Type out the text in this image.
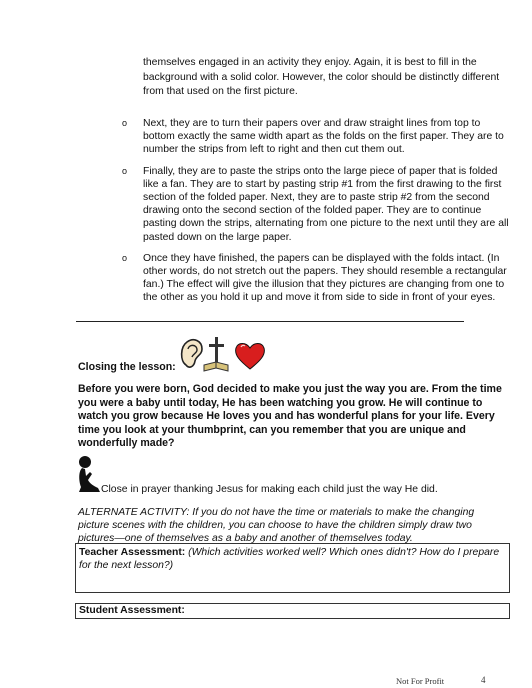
themselves engaged in an activity they enjoy. Again, it is best to fill in the background with a solid color. However, the color should be distinctly different from that used on the first picture.
o Next, they are to turn their papers over and draw straight lines from top to bottom exactly the same width apart as the folds on the first paper. They are to number the strips from left to right and then cut them out.
o Finally, they are to paste the strips onto the large piece of paper that is folded like a fan. They are to start by pasting strip #1 from the first drawing to the first section of the folded paper. Next, they are to paste strip #2 from the second drawing onto the second section of the folded paper. They are to continue pasting down the strips, alternating from one picture to the next until they are all pasted down on the large paper.
o Once they have finished, the papers can be displayed with the folds intact. (In other words, do not stretch out the papers. They should resemble a rectangular fan.) The effect will give the illusion that they pictures are changing from one to the other as you hold it up and move it from side to side in front of your eyes.
Closing the lesson:
Before you were born, God decided to make you just the way you are. From the time you were a baby until today, He has been watching you grow. He will continue to watch you grow because He loves you and has wonderful plans for your life. Every time you look at your thumbprint, can you remember that you are unique and wonderfully made?
Close in prayer thanking Jesus for making each child just the way He did.
ALTERNATE ACTIVITY: If you do not have the time or materials to make the changing picture scenes with the children, you can choose to have the children simply draw two pictures—one of themselves as a baby and another of themselves today.
Teacher Assessment: (Which activities worked well? Which ones didn't? How do I prepare for the next lesson?)
Student Assessment:
Not For Profit	4
